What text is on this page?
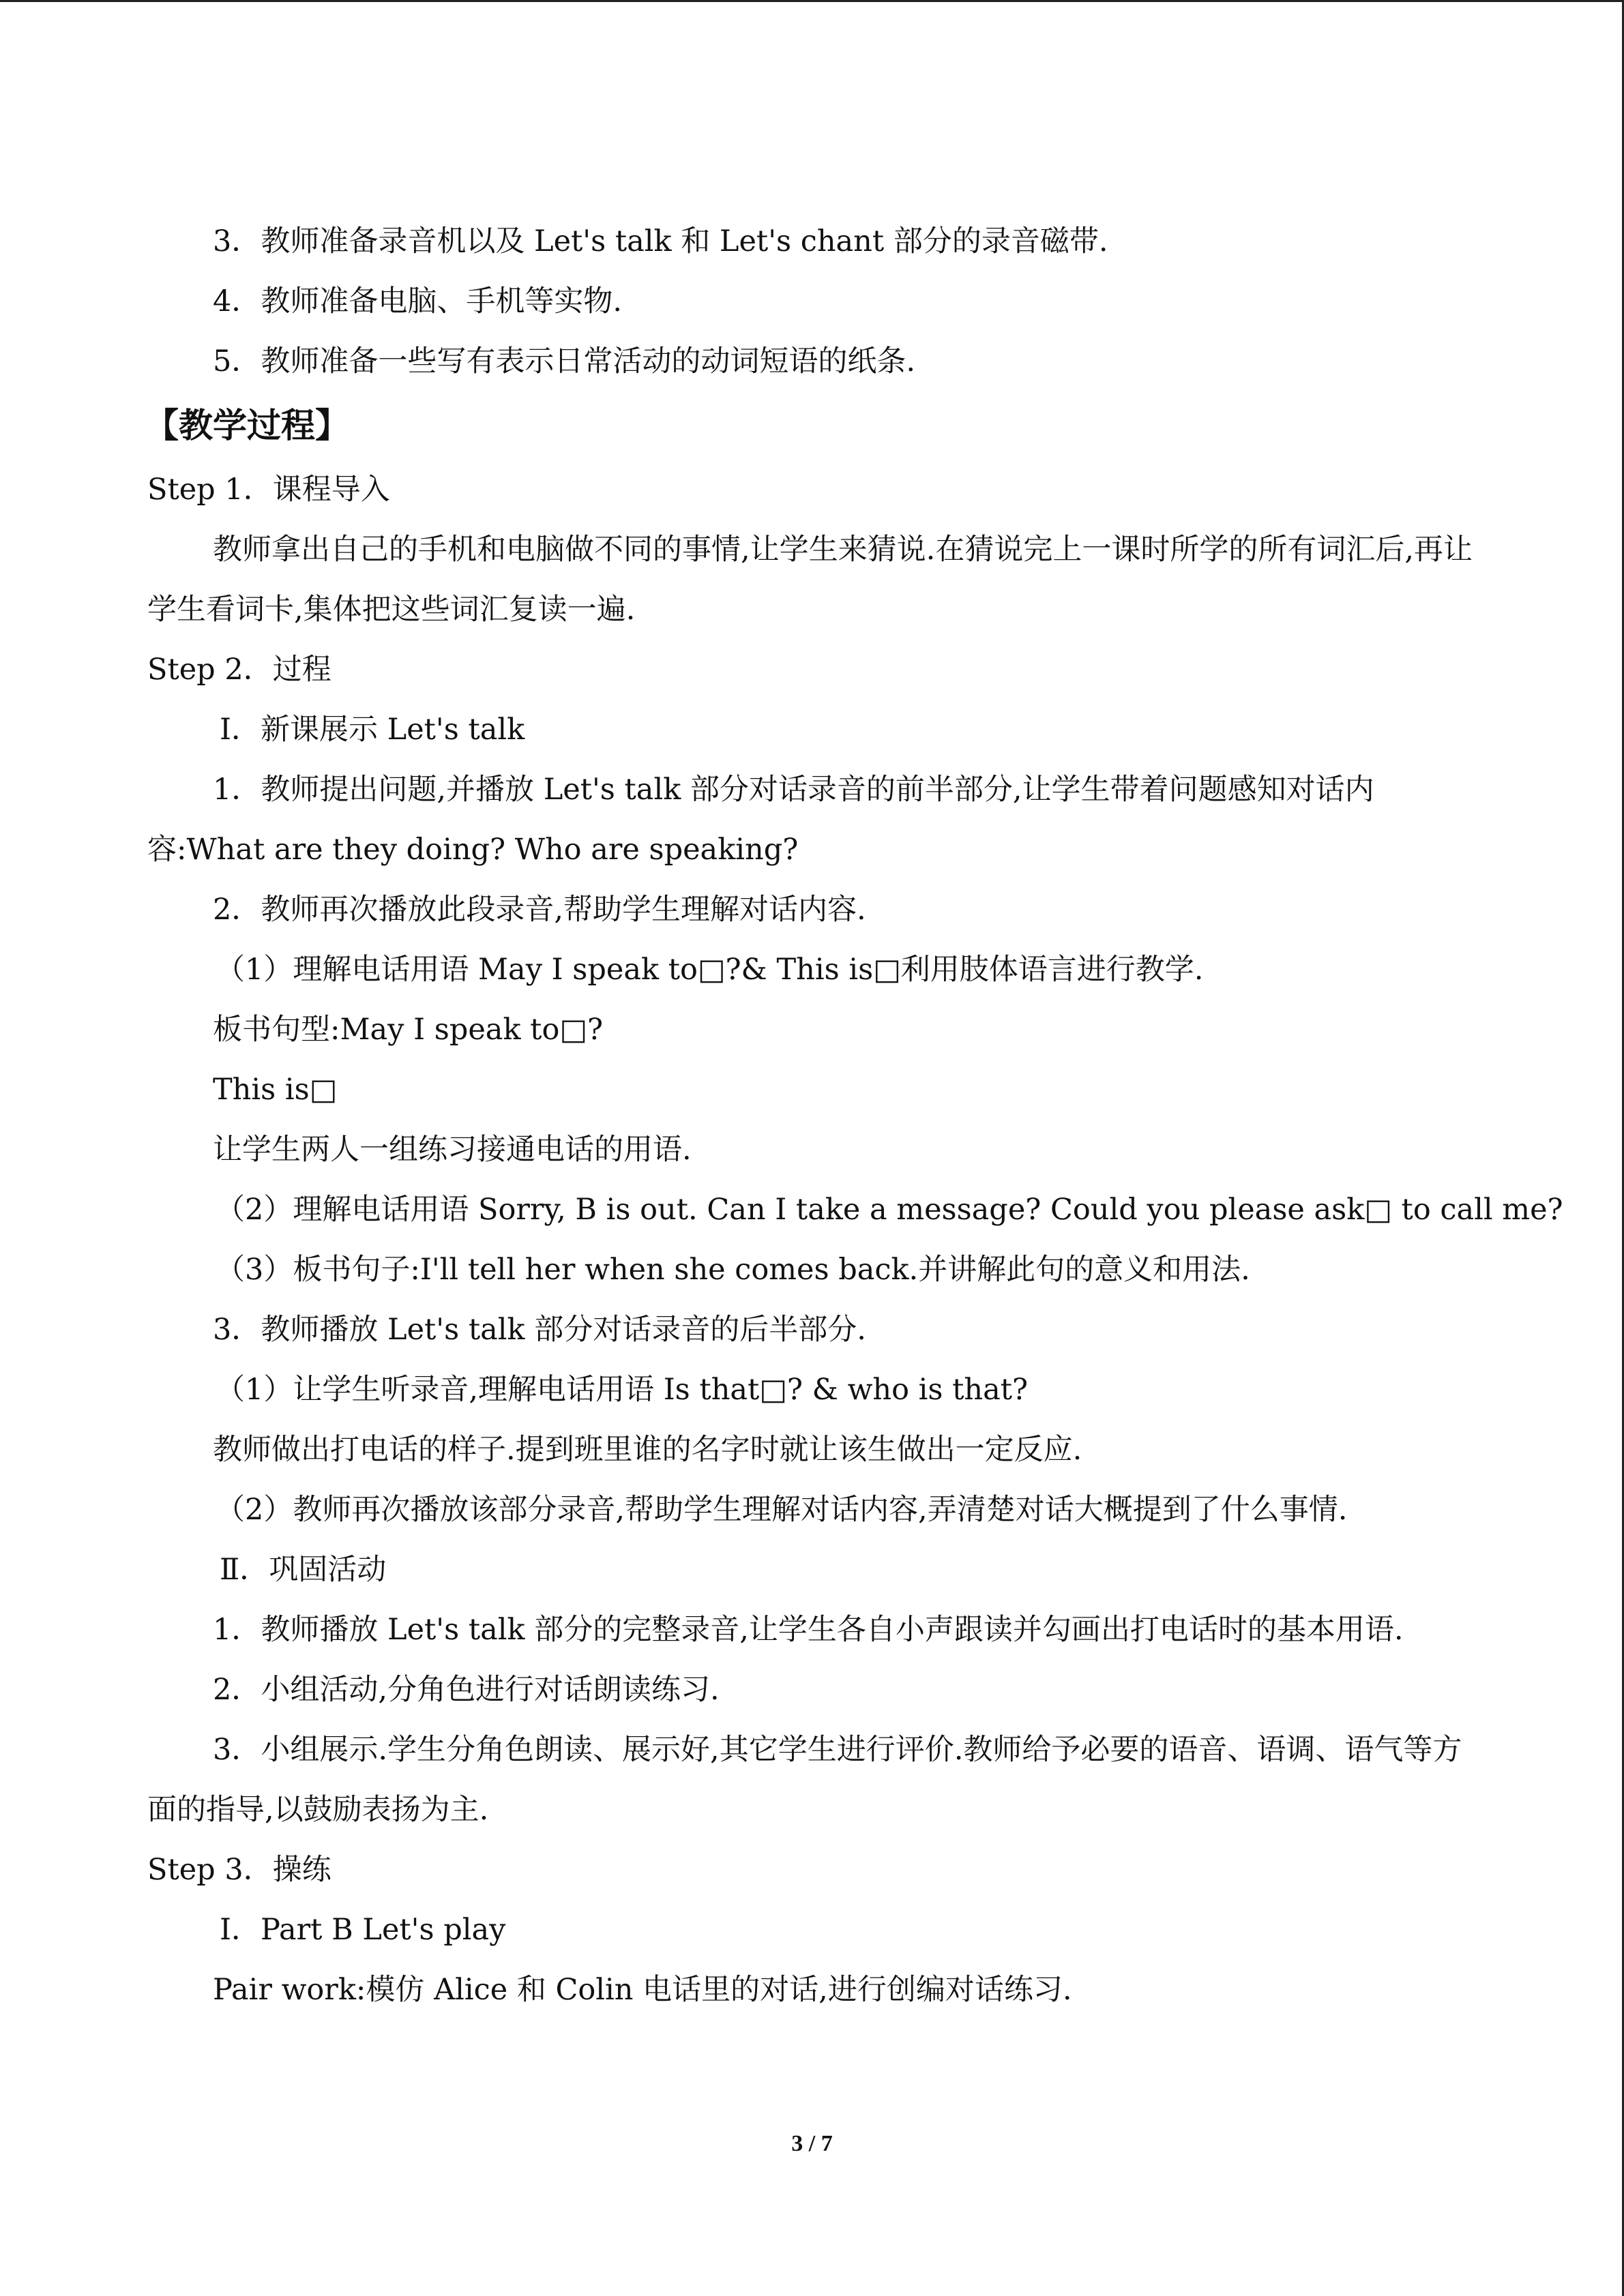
3．教师准备录音机以及 Let's talk 和 Let's chant 部分的录音磁带.
4．教师准备电脑、手机等实物.
5．教师准备一些写有表示日常活动的动词短语的纸条.
【教学过程】
Step 1．课程导入
教师拿出自己的手机和电脑做不同的事情,让学生来猜说.在猜说完上一课时所学的所有词汇后,再让学生看词卡,集体把这些词汇复读一遍.
Step 2．过程
Ⅰ．新课展示 Let's talk
1．教师提出问题,并播放 Let's talk 部分对话录音的前半部分,让学生带着问题感知对话内容:What are they doing? Who are speaking?
2．教师再次播放此段录音,帮助学生理解对话内容.
（1）理解电话用语 May I speak to□?& This is□利用肢体语言进行教学.
板书句型:May I speak to□?
This is□
让学生两人一组练习接通电话的用语.
（2）理解电话用语 Sorry, B is out. Can I take a message? Could you please ask□ to call me?
（3）板书句子:I'll tell her when she comes back.并讲解此句的意义和用法.
3．教师播放 Let's talk 部分对话录音的后半部分.
（1）让学生听录音,理解电话用语 Is that□? & who is that?
教师做出打电话的样子.提到班里谁的名字时就让该生做出一定反应.
（2）教师再次播放该部分录音,帮助学生理解对话内容,弄清楚对话大概提到了什么事情.
Ⅱ．巩固活动
1．教师播放 Let's talk 部分的完整录音,让学生各自小声跟读并勾画出打电话时的基本用语.
2．小组活动,分角色进行对话朗读练习.
3．小组展示.学生分角色朗读、展示好,其它学生进行评价.教师给予必要的语音、语调、语气等方面的指导,以鼓励表扬为主.
Step 3．操练
Ⅰ．Part B Let's play
Pair work:模仿 Alice 和 Colin 电话里的对话,进行创编对话练习.
3 / 7
